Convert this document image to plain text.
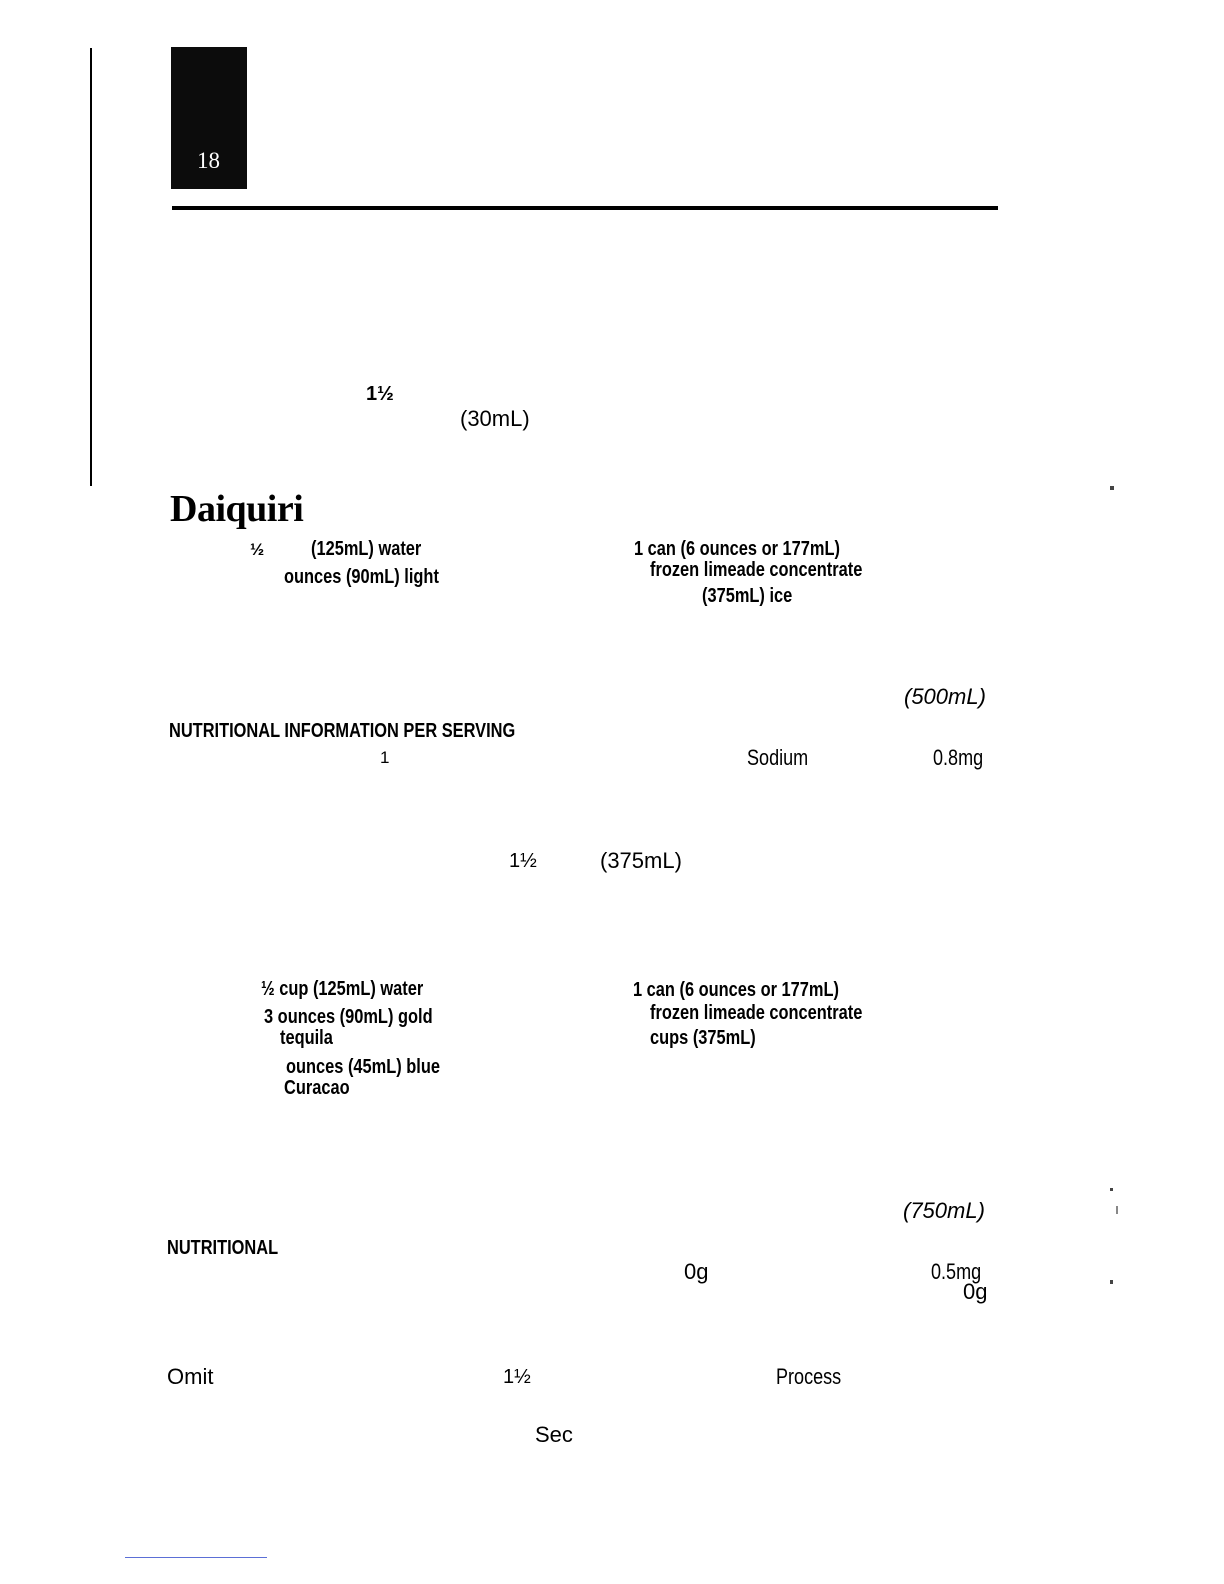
18
1½
(30mL)
Daiquiri
½ (125mL) water
ounces (90mL) light
1 can (6 ounces or 177mL)
frozen limeade concentrate
(375mL) ice
(500mL)
NUTRITIONAL INFORMATION PER SERVING
1	Sodium	0.8mg
1½	(375mL)
½ cup (125mL) water
3 ounces (90mL) gold
tequila
ounces (45mL) blue
Curacao
1 can (6 ounces or 177mL)
frozen limeade concentrate
cups (375mL)
(750mL)
NUTRITIONAL
0g	0.5mg
0g
Omit	1½	Process
Sec
